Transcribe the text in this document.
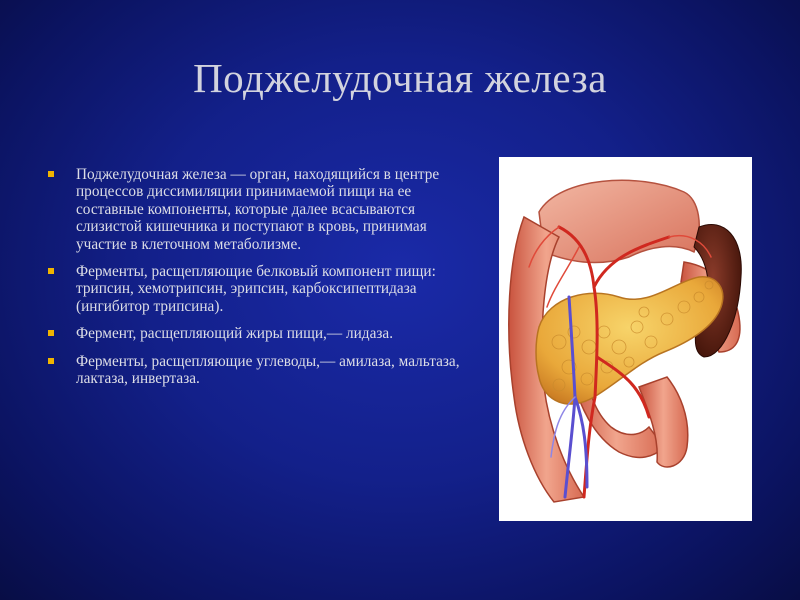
Поджелудочная железа
Поджелудочная железа — орган, находящийся в центре процессов диссимиляции принимаемой пищи на ее составные компоненты, которые далее всасываются слизистой кишечника и поступают в кровь, принимая участие в клеточном метаболизме.
Ферменты, расщепляющие белковый компонент пищи: трипсин, хемотрипсин, эрипсин, карбоксипептидаза (ингибитор трипсина).
Фермент, расщепляющий жиры пищи,— лидаза.
Ферменты, расщепляющие углеводы,— амилаза, мальтаза, лактаза, инвертаза.
